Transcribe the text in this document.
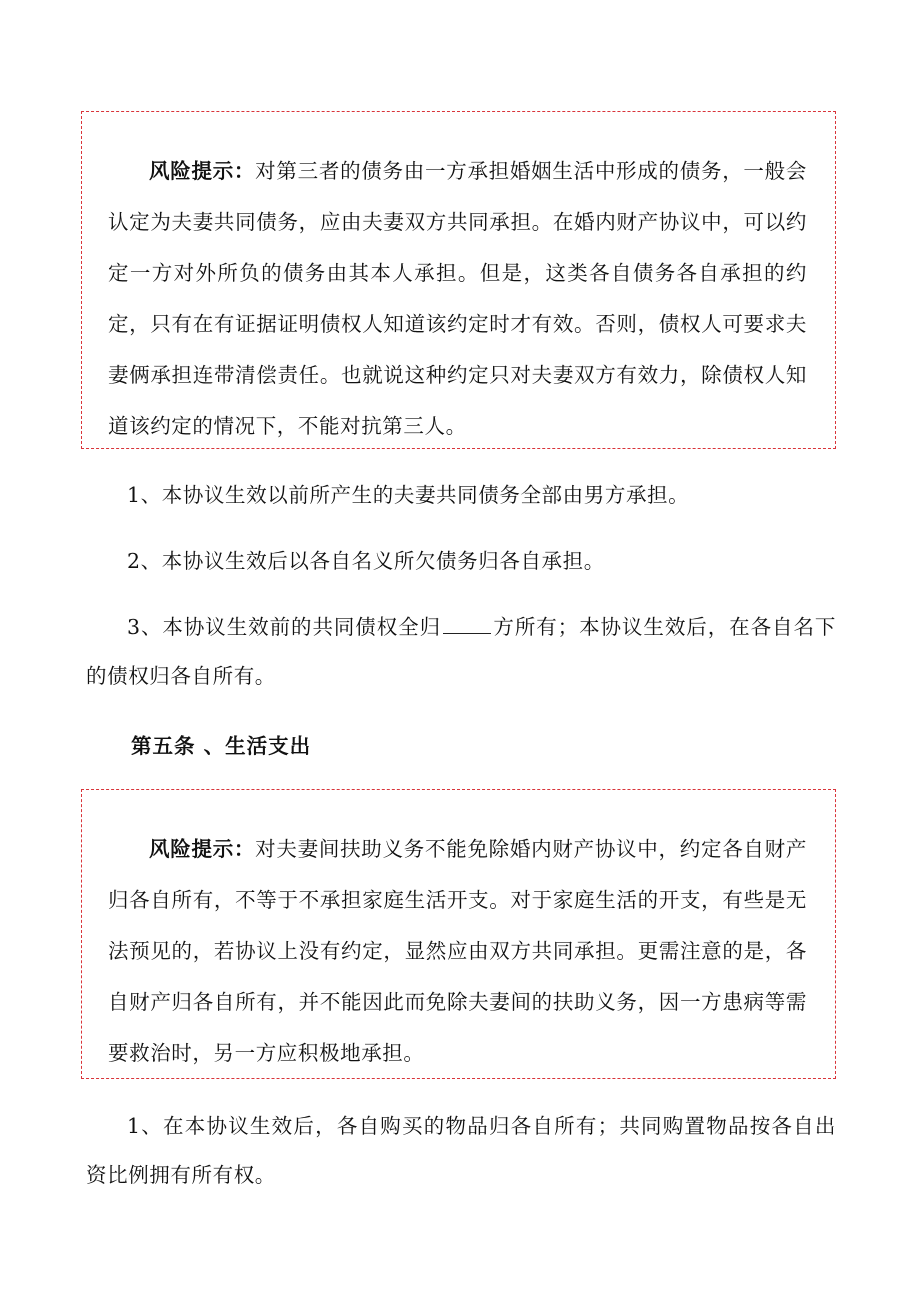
风险提示：对第三者的债务由一方承担婚姻生活中形成的债务，一般会认定为夫妻共同债务，应由夫妻双方共同承担。在婚内财产协议中，可以约定一方对外所负的债务由其本人承担。但是，这类各自债务各自承担的约定，只有在有证据证明债权人知道该约定时才有效。否则，债权人可要求夫妻俩承担连带清偿责任。也就说这种约定只对夫妻双方有效力，除债权人知道该约定的情况下，不能对抗第三人。

1、本协议生效以前所产生的夫妻共同债务全部由男方承担。

2、本协议生效后以各自名义所欠债务归各自承担。

3、本协议生效前的共同债权全归	方所有；本协议生效后，在各自名下的债权归各自所有。

第五条 、生活支出

风险提示：对夫妻间扶助义务不能免除婚内财产协议中，约定各自财产归各自所有，不等于不承担家庭生活开支。对于家庭生活的开支，有些是无法预见的，若协议上没有约定，显然应由双方共同承担。更需注意的是，各自财产归各自所有，并不能因此而免除夫妻间的扶助义务，因一方患病等需要救治时，另一方应积极地承担。

1、在本协议生效后，各自购买的物品归各自所有；共同购置物品按各自出资比例拥有所有权。
